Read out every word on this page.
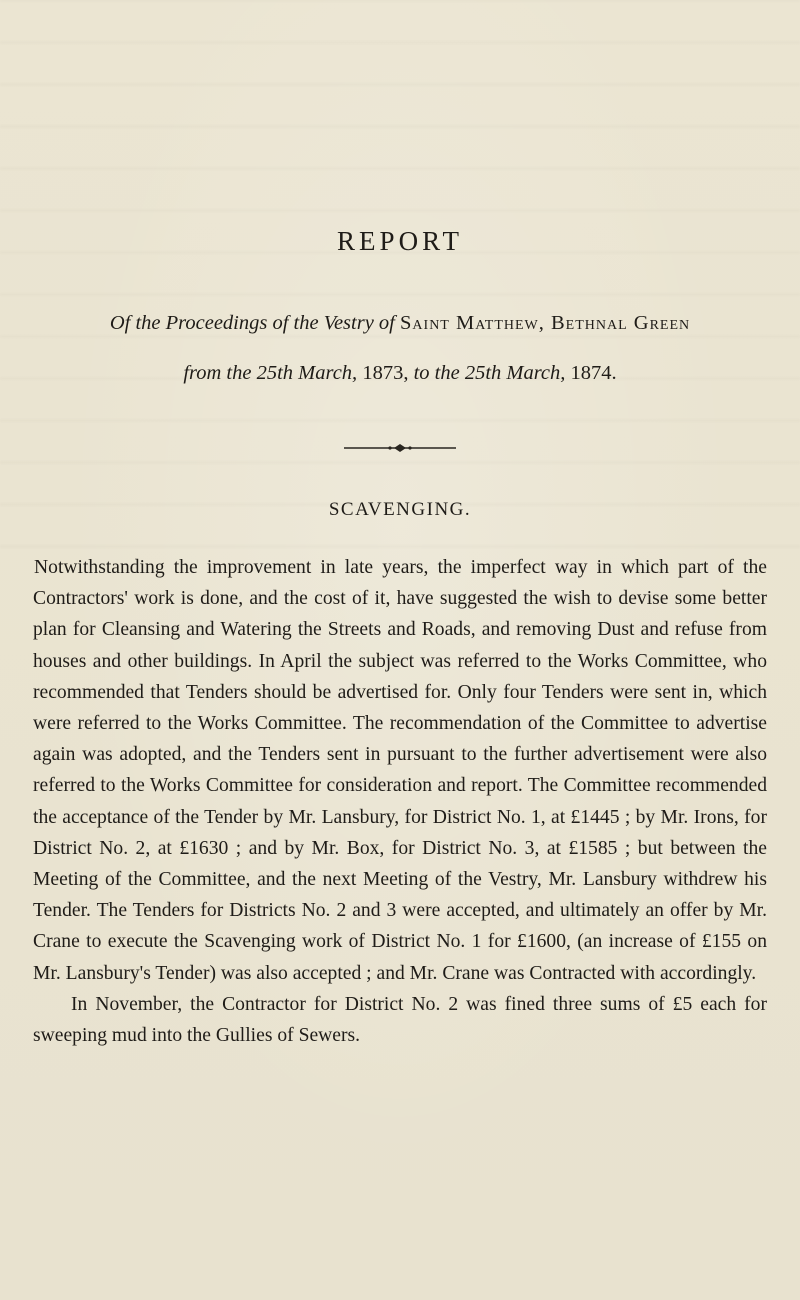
REPORT
Of the Proceedings of the Vestry of Saint Matthew, Bethnal Green
from the 25th March, 1873, to the 25th March, 1874.
SCAVENGING.

Notwithstanding the improvement in late years, the imperfect way in which part of the Contractors' work is done, and the cost of it, have suggested the wish to devise some better plan for Cleansing and Watering the Streets and Roads, and removing Dust and refuse from houses and other buildings. In April the subject was referred to the Works Committee, who recommended that Tenders should be advertised for. Only four Tenders were sent in, which were referred to the Works Committee. The recommendation of the Committee to advertise again was adopted, and the Tenders sent in pursuant to the further advertisement were also referred to the Works Committee for consideration and report. The Committee recommended the acceptance of the Tender by Mr. Lansbury, for District No. 1, at £1445 ; by Mr. Irons, for District No. 2, at £1630 ; and by Mr. Box, for District No. 3, at £1585 ; but between the Meeting of the Committee, and the next Meeting of the Vestry, Mr. Lansbury withdrew his Tender. The Tenders for Districts No. 2 and 3 were accepted, and ultimately an offer by Mr. Crane to execute the Scavenging work of District No. 1 for £1600, (an increase of £155 on Mr. Lansbury's Tender) was also accepted ; and Mr. Crane was Contracted with accordingly.

In November, the Contractor for District No. 2 was fined three sums of £5 each for sweeping mud into the Gullies of Sewers.
